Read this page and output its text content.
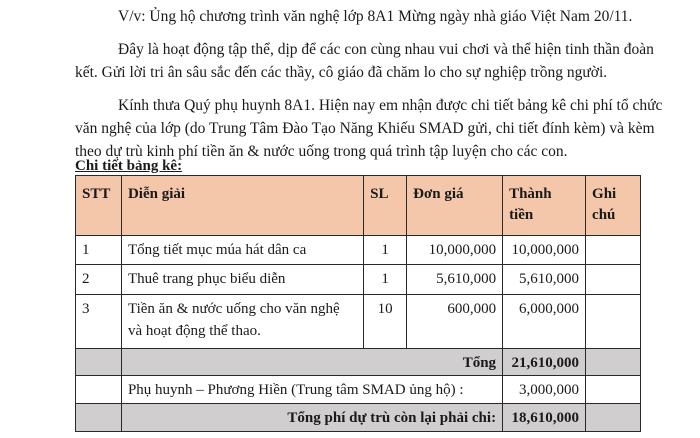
V/v: Ủng hộ chương trình văn nghệ lớp 8A1 Mừng ngày nhà giáo Việt Nam 20/11.
Đây là hoạt động tập thể, dịp để các con cùng nhau vui chơi và thể hiện tinh thần đoàn
kết. Gửi lời tri ân sâu sắc đến các thầy, cô giáo đã chăm lo cho sự nghiệp trồng người.
Kính thưa Quý phụ huynh 8A1. Hiện nay em nhận được chi tiết bảng kê chi phí tổ chức
văn nghệ của lớp (do Trung Tâm Đào Tạo Năng Khiếu SMAD gửi, chi tiết đính kèm) và kèm
theo dự trù kinh phí tiền ăn & nước uống trong quá trình tập luyện cho các con.
Chi tiết bảng kê:
STT	Diễn giải	SL	Đơn giá	Thành tiền	Ghi chú
1	Tổng tiết mục múa hát dân ca	1	10,000,000	10,000,000	
2	Thuê trang phục biểu diễn	1	5,610,000	5,610,000	
3	Tiền ăn & nước uống cho văn nghệ và hoạt động thể thao.	10	600,000	6,000,000	
	Tổng			21,610,000	
	Phụ huynh – Phương Hiền (Trung tâm SMAD ủng hộ) :			3,000,000	
	Tổng phí dự trù còn lại phải chi:			18,610,000	
